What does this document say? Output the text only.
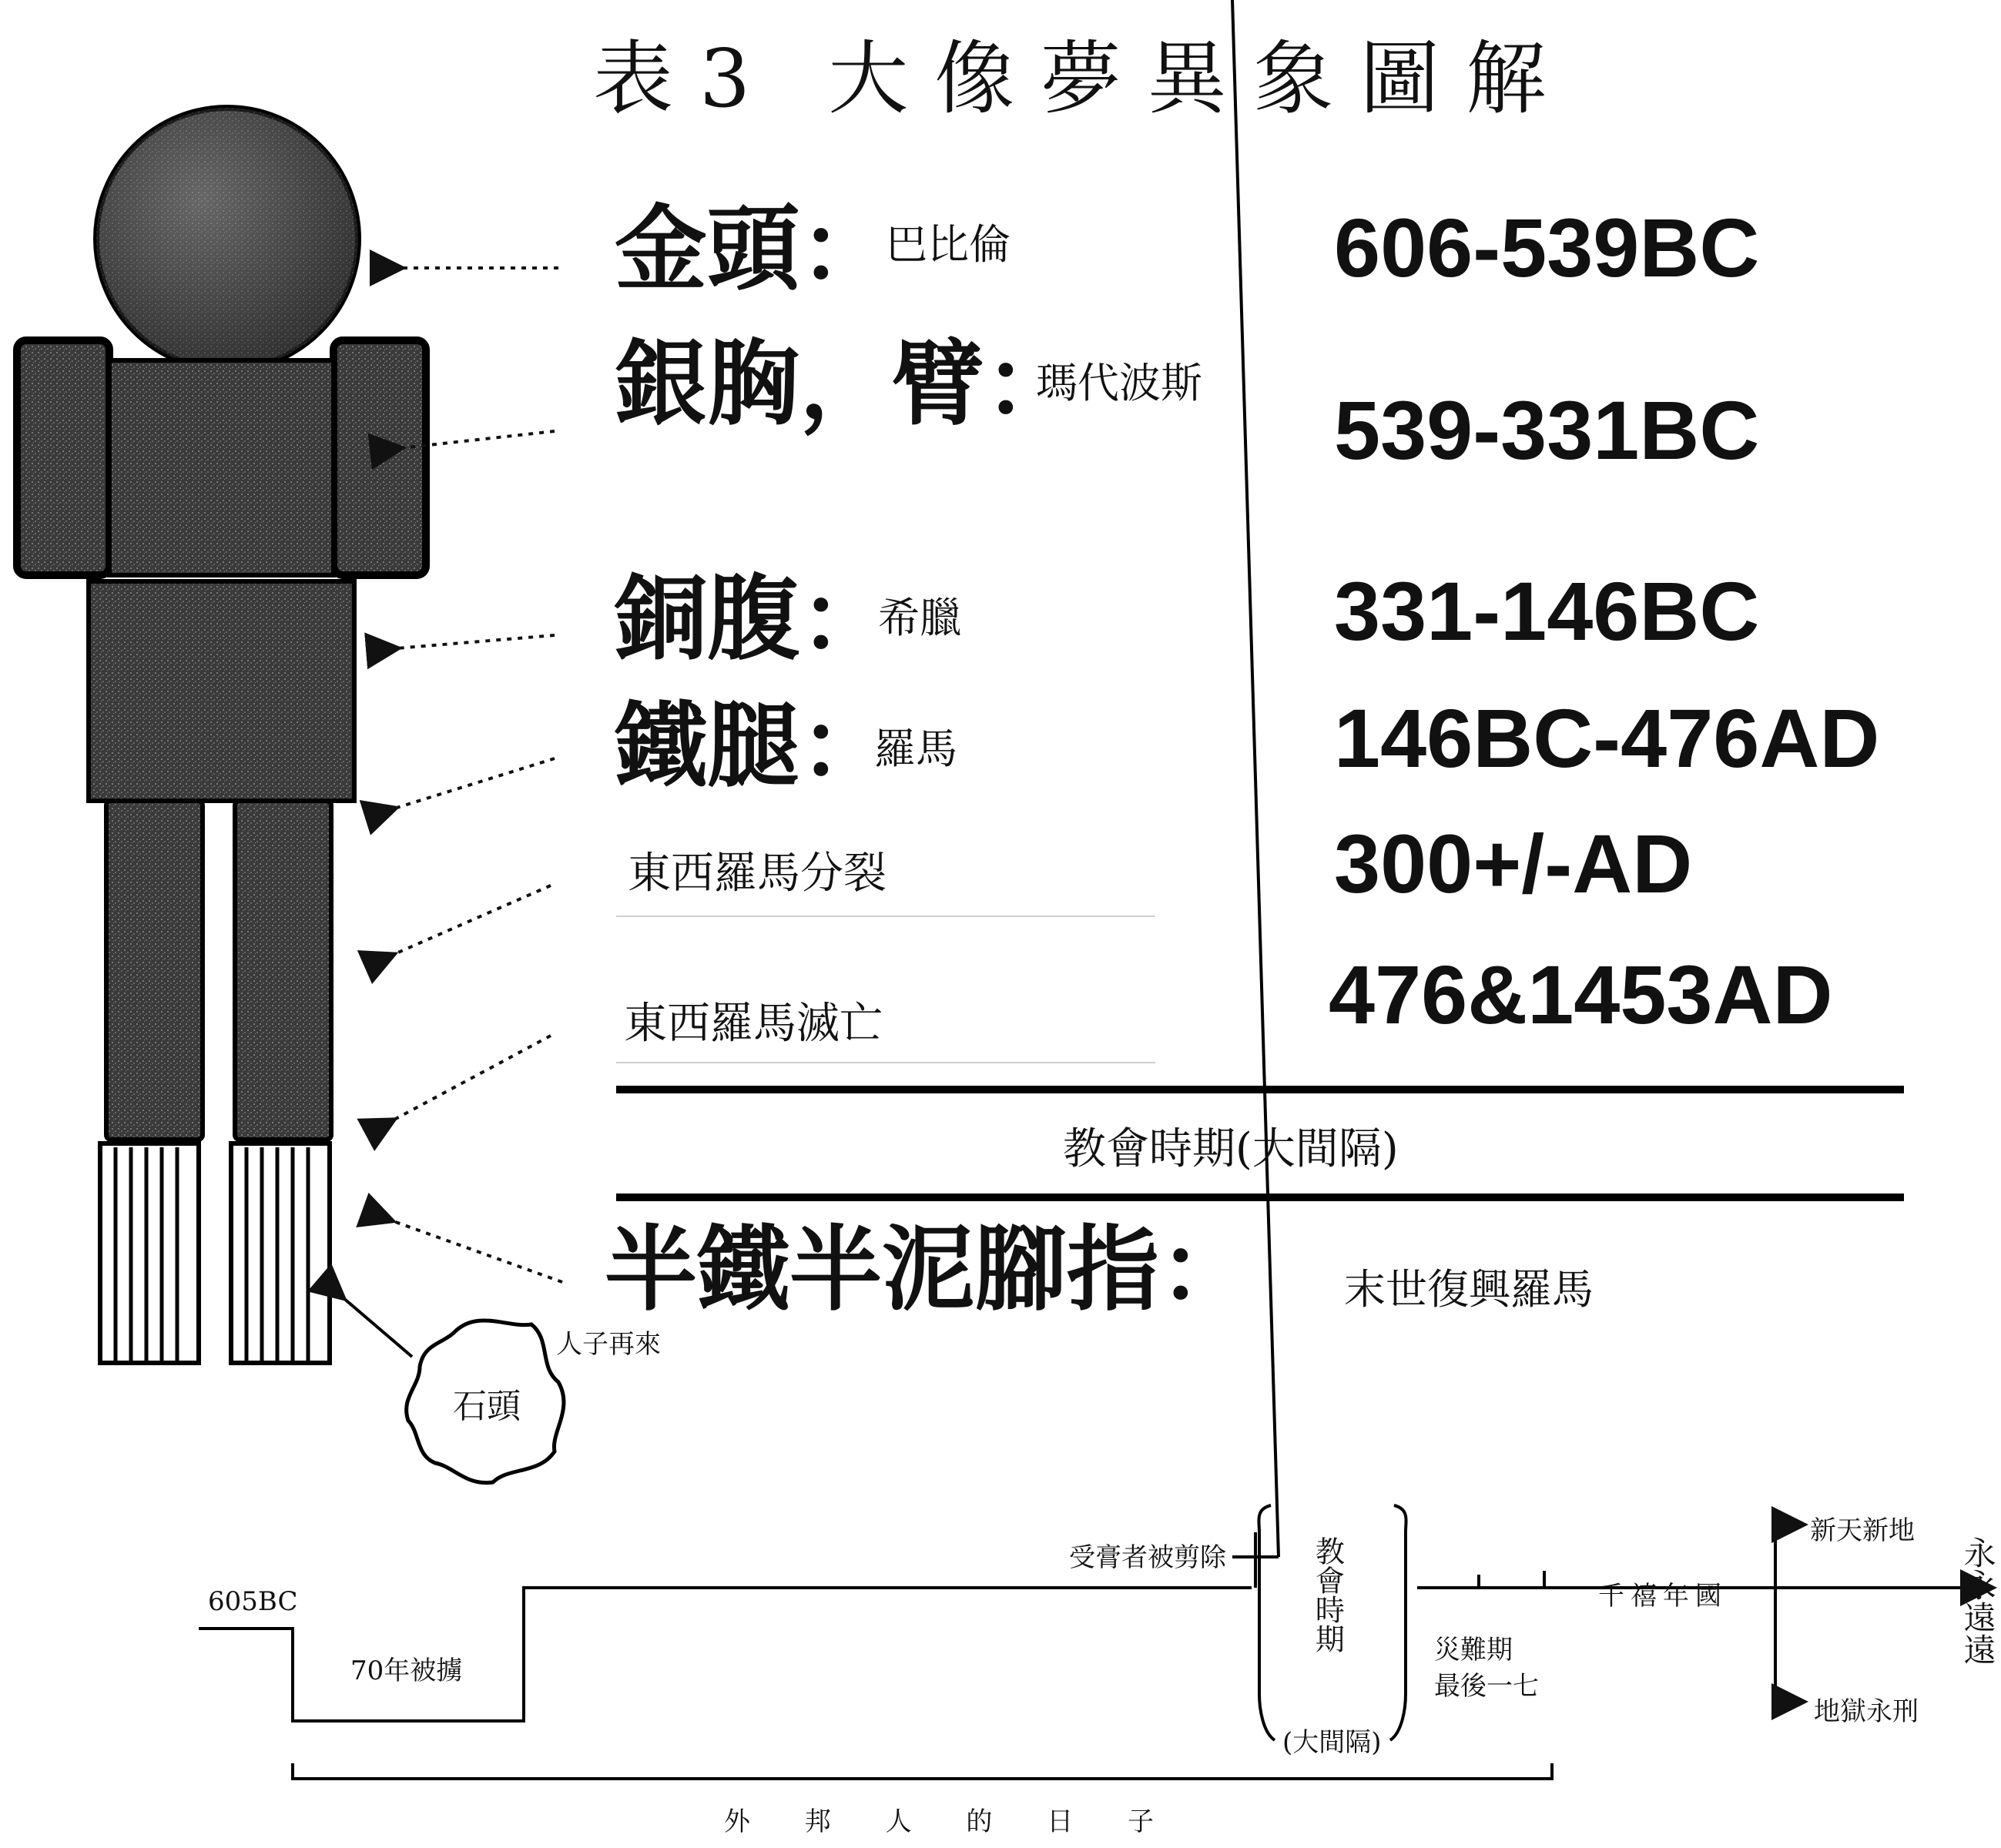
表3 大像夢異象圖解
金頭：
巴比倫	606-539BC
銀胸，臂：
瑪代波斯
539-331BC
銅腹：
希臘	331-146BC
鐵腿：
羅馬	146BC-476AD
東西羅馬分裂	300+/-AD
東西羅馬滅亡	476&1453AD
教會時期(大間隔)
半鐵半泥腳指： 末世復興羅馬
人子再來
石頭
605BC
70年被擄
受膏者被剪除	教會時期
(大間隔)
災難期
最後一七
千禧年國
新天新地
地獄永刑
永永遠遠
外 邦 人 的 日 子
